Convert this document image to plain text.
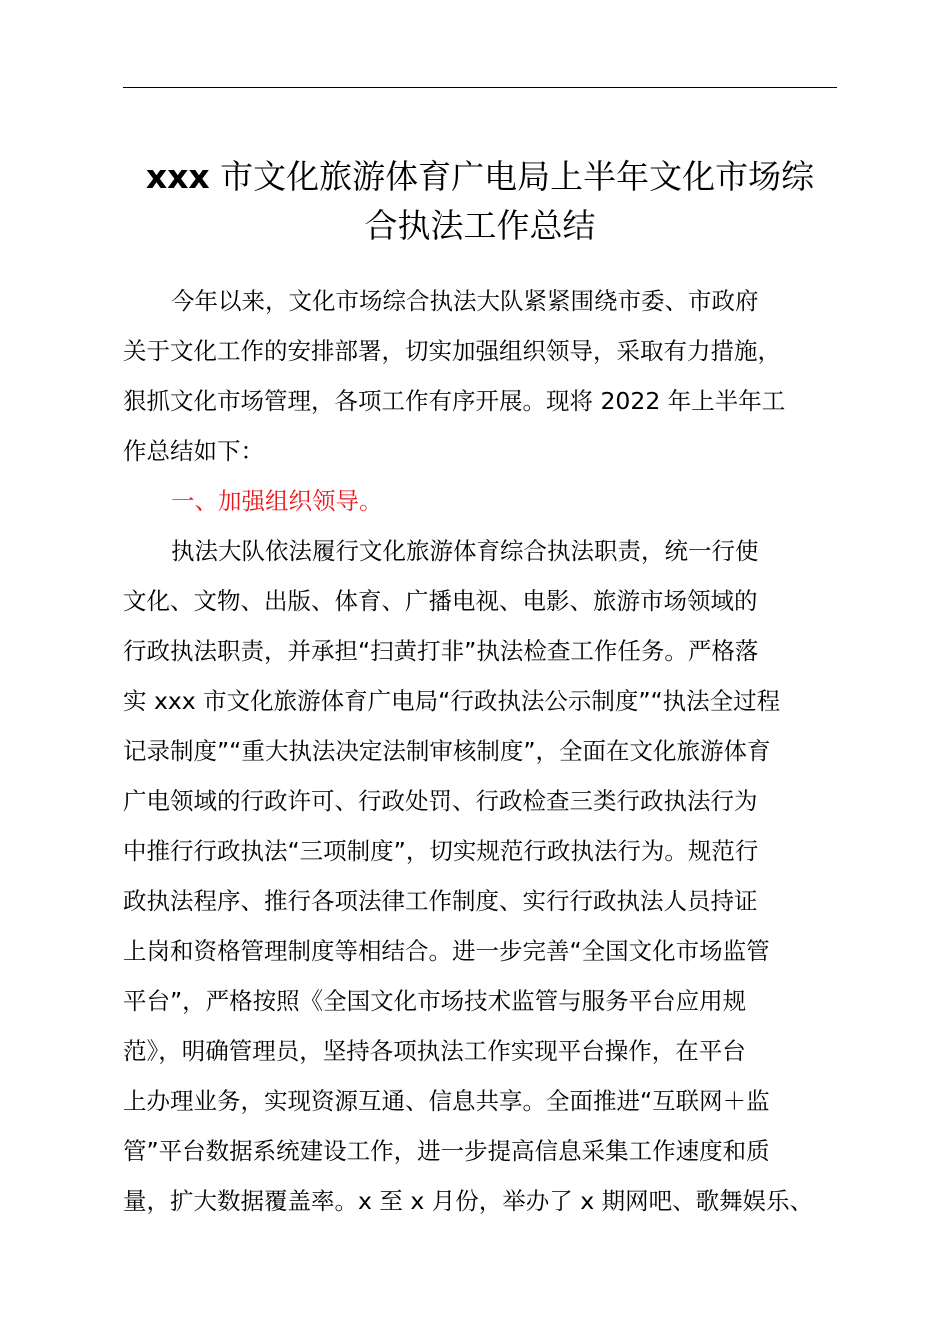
xxx 市文化旅游体育广电局上半年文化市场综
合执法工作总结
今年以来，文化市场综合执法大队紧紧围绕市委、市政府
关于文化工作的安排部署，切实加强组织领导，采取有力措施，
狠抓文化市场管理，各项工作有序开展。现将 2022 年上半年工
作总结如下：
一、加强组织领导。
执法大队依法履行文化旅游体育综合执法职责，统一行使
文化、文物、出版、体育、广播电视、电影、旅游市场领域的
行政执法职责，并承担“扫黄打非”执法检查工作任务。严格落
实 xxx 市文化旅游体育广电局“行政执法公示制度”“执法全过程
记录制度”“重大执法决定法制审核制度”，全面在文化旅游体育
广电领域的行政许可、行政处罚、行政检查三类行政执法行为
中推行行政执法“三项制度”，切实规范行政执法行为。规范行
政执法程序、推行各项法律工作制度、实行行政执法人员持证
上岗和资格管理制度等相结合。进一步完善“全国文化市场监管
平台”，严格按照《全国文化市场技术监管与服务平台应用规
范》，明确管理员，坚持各项执法工作实现平台操作，在平台
上办理业务，实现资源互通、信息共享。全面推进“互联网＋监
管”平台数据系统建设工作，进一步提高信息采集工作速度和质
量，扩大数据覆盖率。x 至 x 月份，举办了 x 期网吧、歌舞娱乐、
